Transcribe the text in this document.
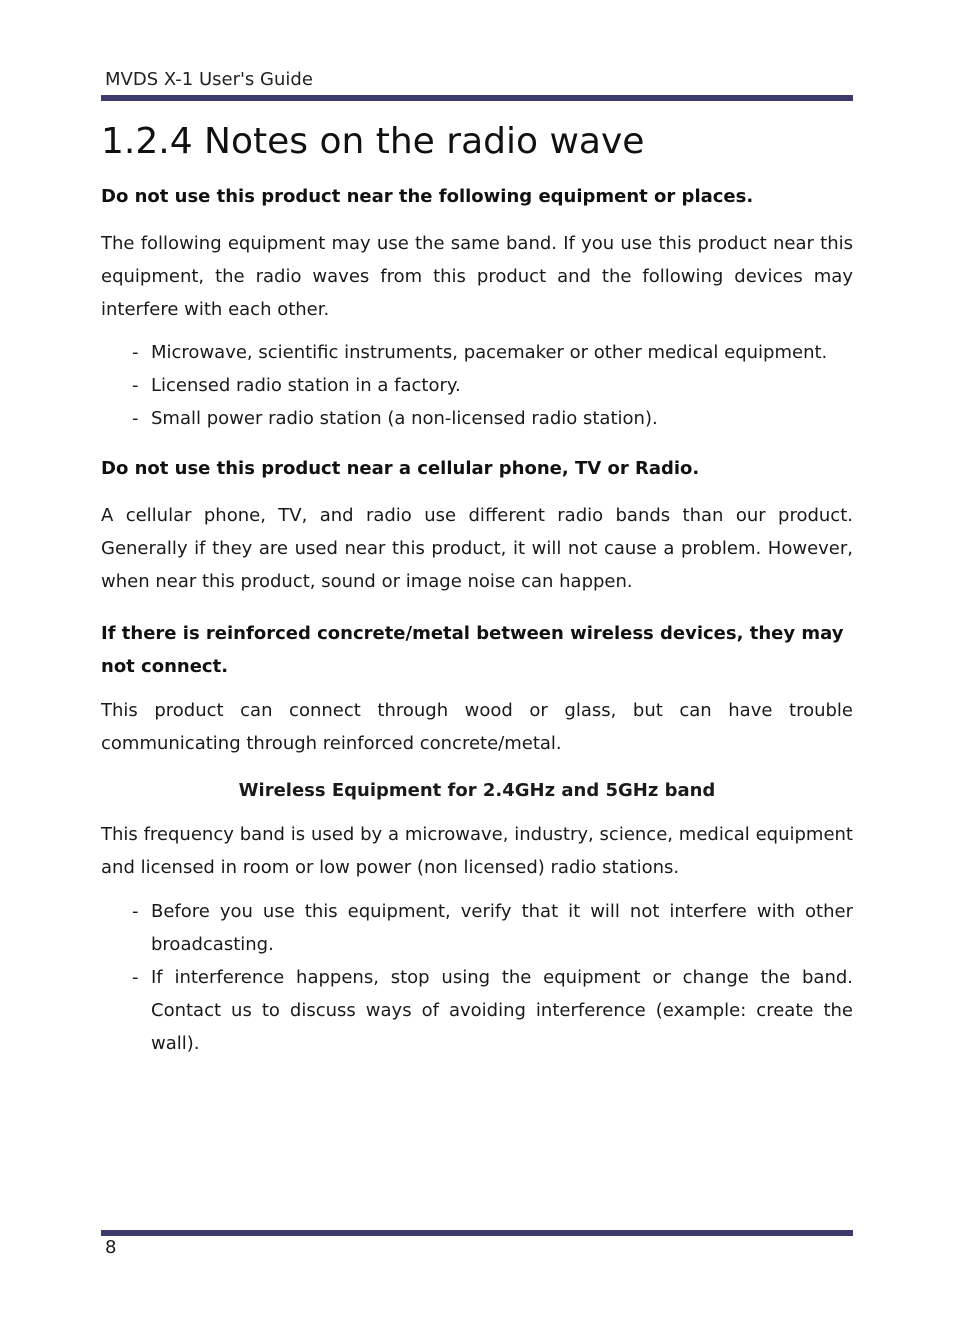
MVDS X-1 User's Guide
1.2.4 Notes on the radio wave

Do not use this product near the following equipment or places.

The following equipment may use the same band. If you use this product near this equipment, the radio waves from this product and the following devices may interfere with each other.

- Microwave, scientific instruments, pacemaker or other medical equipment.
- Licensed radio station in a factory.
- Small power radio station (a non-licensed radio station).

Do not use this product near a cellular phone, TV or Radio.

A cellular phone, TV, and radio use different radio bands than our product. Generally if they are used near this product, it will not cause a problem. However, when near this product, sound or image noise can happen.

If there is reinforced concrete/metal between wireless devices, they may not connect.

This product can connect through wood or glass, but can have trouble communicating through reinforced concrete/metal.

Wireless Equipment for 2.4GHz and 5GHz band

This frequency band is used by a microwave, industry, science, medical equipment and licensed in room or low power (non licensed) radio stations.

- Before you use this equipment, verify that it will not interfere with other broadcasting.
- If interference happens, stop using the equipment or change the band. Contact us to discuss ways of avoiding interference (example: create the wall).
8
